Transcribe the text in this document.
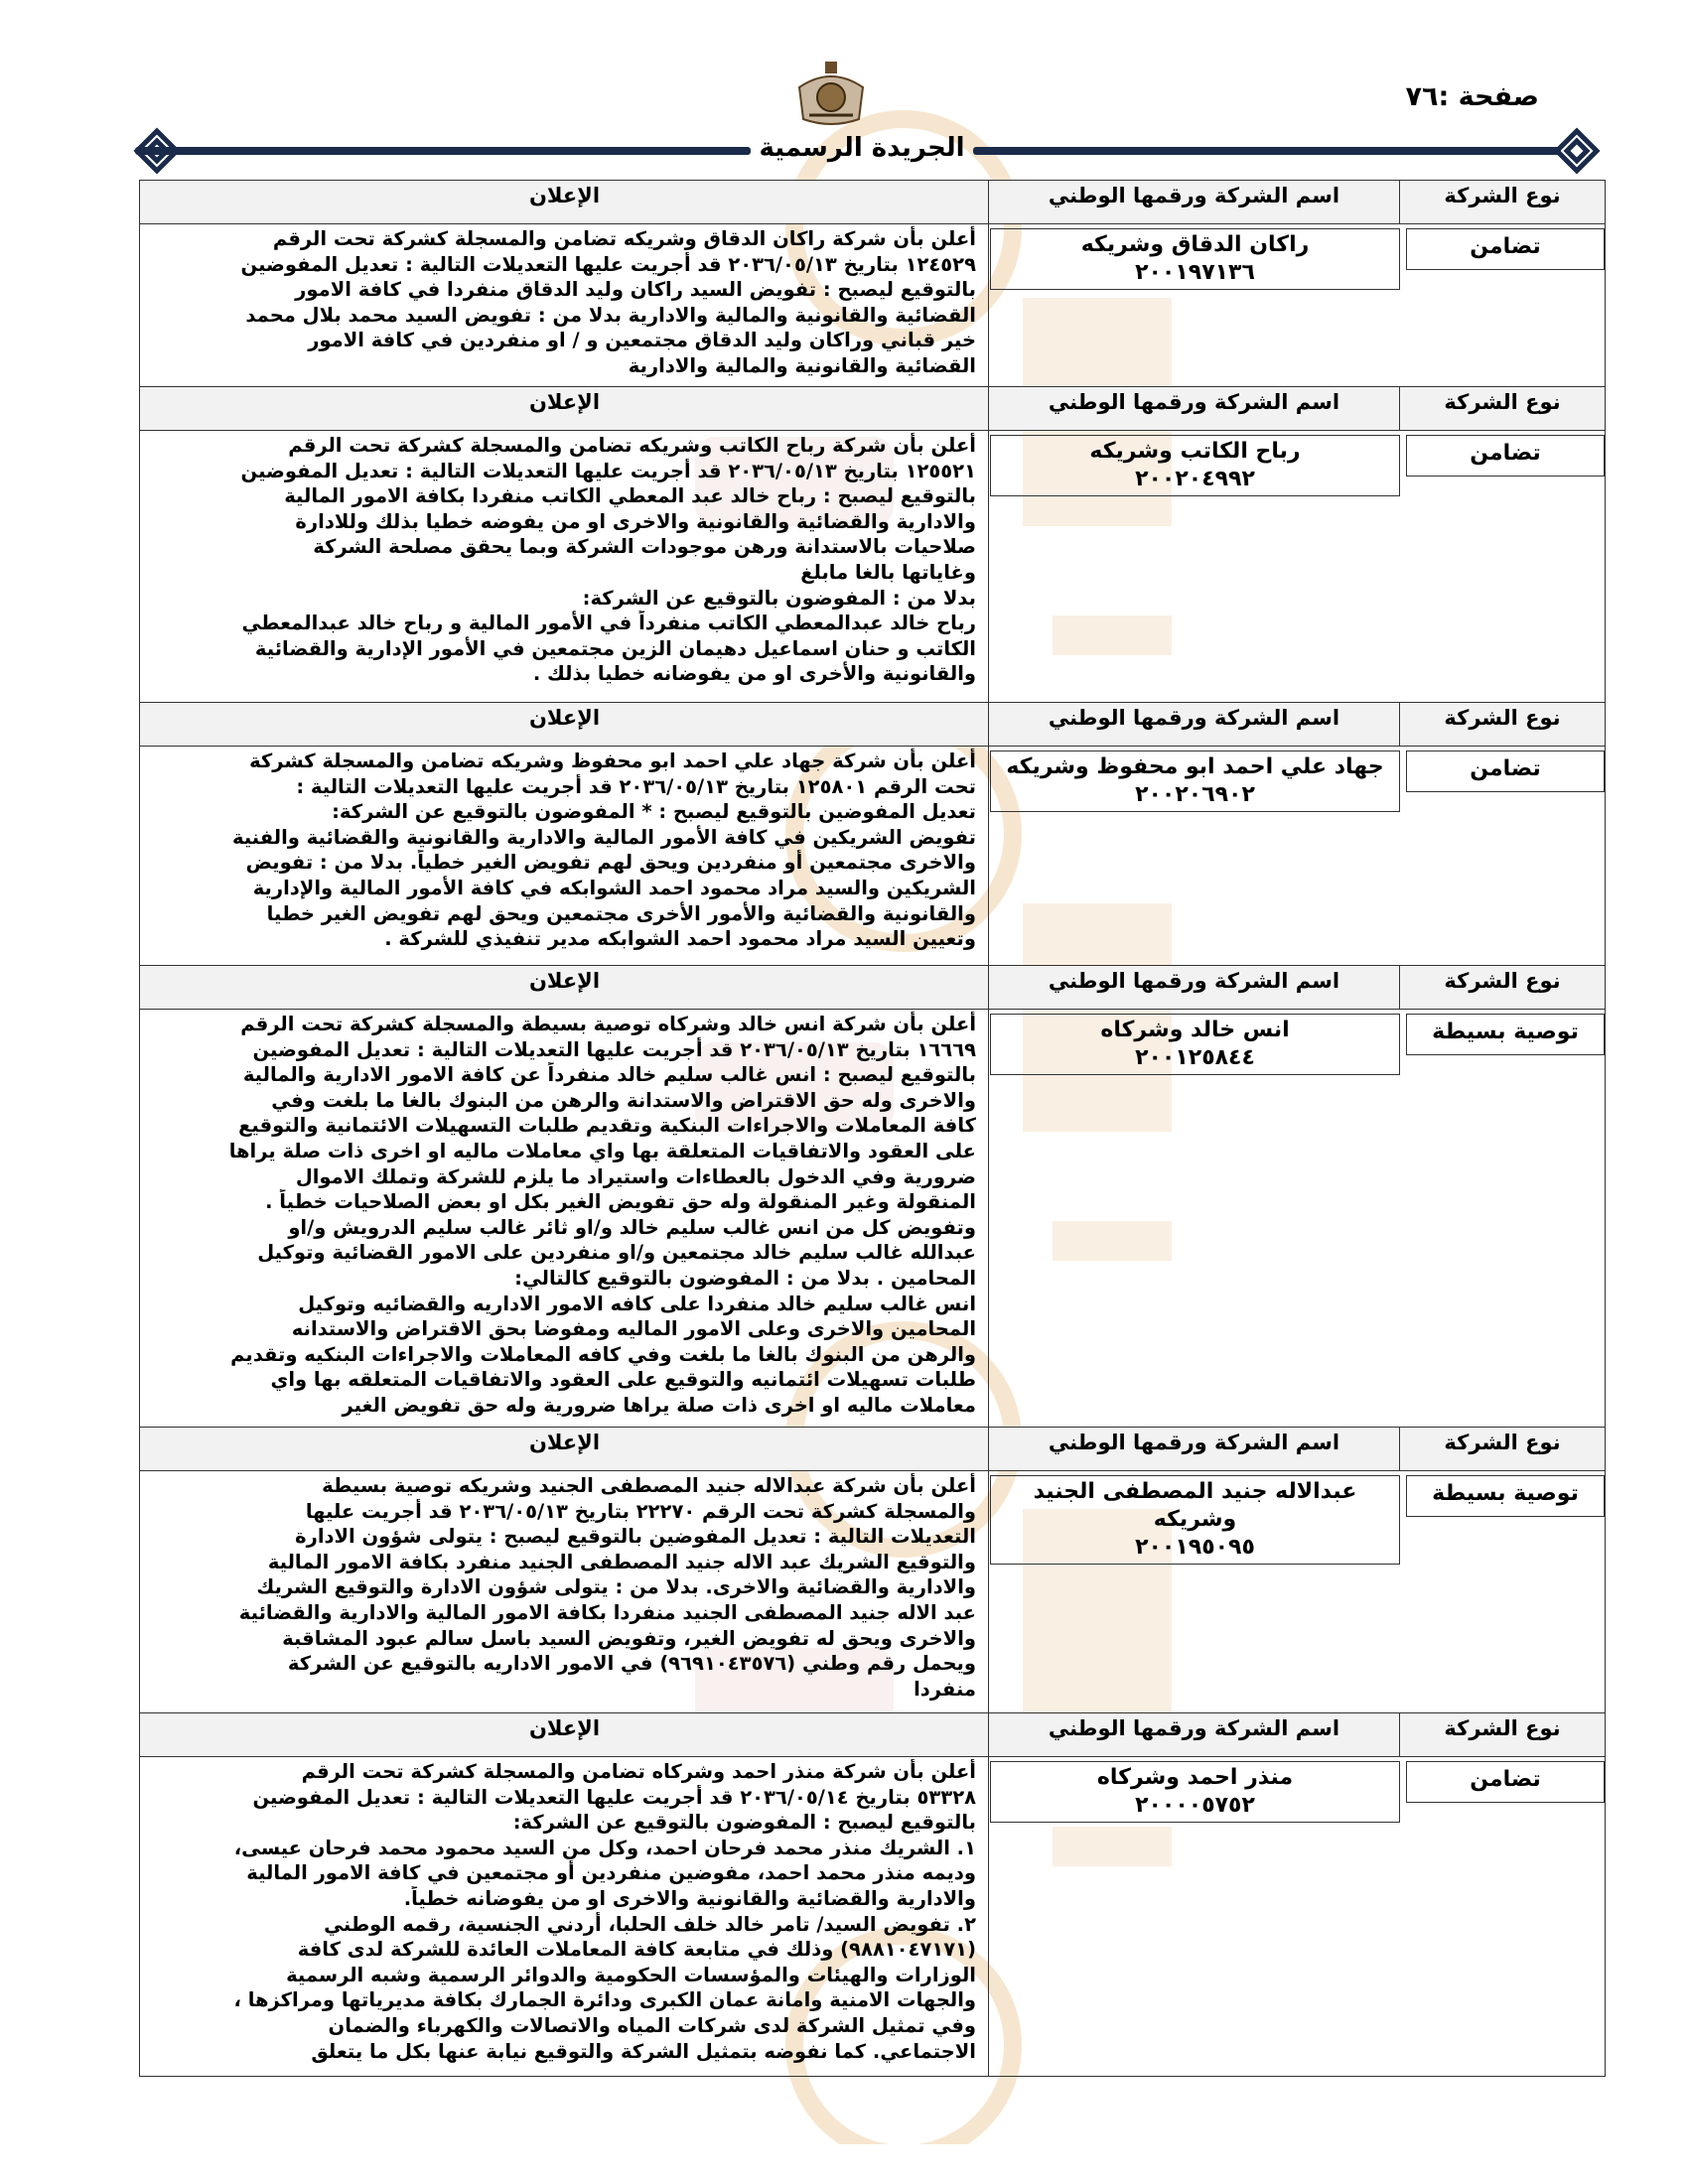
صفحة :٧٦
الجريدة الرسمية
نوع الشركة
اسم الشركة ورقمها الوطني
الإعلان
تضامن
راكان الدقاق وشريكه
٢٠٠١٩٧١٣٦
أعلن بأن شركة راكان الدقاق وشريكه تضامن والمسجلة كشركة تحت الرقم
١٢٤٥٢٩ بتاريخ ٢٠٣٦/٠٥/١٣ قد أجريت عليها التعديلات التالية : تعديل المفوضين
بالتوقيع ليصبح : تفويض السيد راكان وليد الدقاق منفردا في كافة الامور
القضائية والقانونية والمالية والادارية بدلا من : تفويض السيد محمد بلال محمد
خير قباني وراكان وليد الدقاق مجتمعين و / او منفردين في كافة الامور
القضائية والقانونية والمالية والادارية
نوع الشركة
اسم الشركة ورقمها الوطني
الإعلان
تضامن
رباح الكاتب وشريكه
٢٠٠٢٠٤٩٩٢
أعلن بأن شركة رباح الكاتب وشريكه تضامن والمسجلة كشركة تحت الرقم
١٢٥٥٢١ بتاريخ ٢٠٣٦/٠٥/١٣ قد أجريت عليها التعديلات التالية : تعديل المفوضين
بالتوقيع ليصبح : رباح خالد عبد المعطي الكاتب منفردا بكافة الامور المالية
والادارية والقضائية والقانونية والاخرى او من يفوضه خطيا بذلك وللادارة
صلاحيات بالاستدانة ورهن موجودات الشركة وبما يحقق مصلحة الشركة
وغاياتها بالغا مابلغ
بدلا من : المفوضون بالتوقيع عن الشركة:
رباح خالد عبدالمعطي الكاتب منفرداً في الأمور المالية و رباح خالد عبدالمعطي
الكاتب و حنان اسماعيل دهيمان الزين مجتمعين في الأمور الإدارية والقضائية
والقانونية والأخرى او من يفوضانه خطيا بذلك .
نوع الشركة
اسم الشركة ورقمها الوطني
الإعلان
تضامن
جهاد علي احمد ابو محفوظ وشريكه
٢٠٠٢٠٦٩٠٢
أعلن بأن شركة جهاد علي احمد ابو محفوظ وشريكه تضامن والمسجلة كشركة
تحت الرقم ١٢٥٨٠١ بتاريخ ٢٠٣٦/٠٥/١٣ قد أجريت عليها التعديلات التالية :
تعديل المفوضين بالتوقيع ليصبح : * المفوضون بالتوقيع عن الشركة:
تفويض الشريكين في كافة الأمور المالية والادارية والقانونية والقضائية والفنية
والاخرى مجتمعين أو منفردين ويحق لهم تفويض الغير خطياً. بدلا من : تفويض
الشريكين والسيد مراد محمود احمد الشوابكه في كافة الأمور المالية والإدارية
والقانونية والقضائية والأمور الأخرى مجتمعين ويحق لهم تفويض الغير خطيا
وتعيين السيد مراد محمود احمد الشوابكه مدير تنفيذي للشركة .
نوع الشركة
اسم الشركة ورقمها الوطني
الإعلان
توصية بسيطة
انس خالد وشركاه
٢٠٠١٢٥٨٤٤
أعلن بأن شركة انس خالد وشركاه توصية بسيطة والمسجلة كشركة تحت الرقم
١٦٦٦٩ بتاريخ ٢٠٣٦/٠٥/١٣ قد أجريت عليها التعديلات التالية : تعديل المفوضين
بالتوقيع ليصبح : انس غالب سليم خالد منفرداً عن كافة الامور الادارية والمالية
والاخرى وله حق الاقتراض والاستدانة والرهن من البنوك بالغا ما بلغت وفي
كافة المعاملات والاجراءات البنكية وتقديم طلبات التسهيلات الائتمانية والتوقيع
على العقود والاتفاقيات المتعلقة بها واي معاملات ماليه او اخرى ذات صلة يراها
ضرورية وفي الدخول بالعطاءات واستيراد ما يلزم للشركة وتملك الاموال
المنقولة وغير المنقولة وله حق تفويض الغير بكل او بعض الصلاحيات خطياً .
وتفويض كل من انس غالب سليم خالد و/او ثائر غالب سليم الدرويش و/او
عبدالله غالب سليم خالد مجتمعين و/او منفردين على الامور القضائية وتوكيل
المحامين . بدلا من : المفوضون بالتوقيع كالتالي:
انس غالب سليم خالد منفردا على كافه الامور الاداريه والقضائيه وتوكيل
المحامين والاخرى وعلى الامور الماليه ومفوضا بحق الاقتراض والاستدانه
والرهن من البنوك بالغا ما بلغت وفي كافه المعاملات والاجراءات البنكيه وتقديم
طلبات تسهيلات ائتمانيه والتوقيع على العقود والاتفاقيات المتعلقه بها واي
معاملات ماليه او اخرى ذات صلة يراها ضرورية وله حق تفويض الغير
نوع الشركة
اسم الشركة ورقمها الوطني
الإعلان
توصية بسيطة
عبدالاله جنيد المصطفى الجنيد
وشريكه
٢٠٠١٩٥٠٩٥
أعلن بأن شركة عبدالاله جنيد المصطفى الجنيد وشريكه توصية بسيطة
والمسجلة كشركة تحت الرقم ٢٢٢٧٠ بتاريخ ٢٠٣٦/٠٥/١٣ قد أجريت عليها
التعديلات التالية : تعديل المفوضين بالتوقيع ليصبح : يتولى شؤون الادارة
والتوقيع الشريك عبد الاله جنيد المصطفى الجنيد منفرد بكافة الامور المالية
والادارية والقضائية والاخرى. بدلا من : يتولى شؤون الادارة والتوقيع الشريك
عبد الاله جنيد المصطفى الجنيد منفردا بكافة الامور المالية والادارية والقضائية
والاخرى ويحق له تفويض الغير، وتفويض السيد باسل سالم عبود المشاقبة
ويحمل رقم وطني (٩٦٩١٠٤٣٥٧٦) في الامور الاداريه بالتوقيع عن الشركة
منفردا
نوع الشركة
اسم الشركة ورقمها الوطني
الإعلان
تضامن
منذر احمد وشركاه
٢٠٠٠٠٥٧٥٢
أعلن بأن شركة منذر احمد وشركاه تضامن والمسجلة كشركة تحت الرقم
٥٣٣٢٨ بتاريخ ٢٠٣٦/٠٥/١٤ قد أجريت عليها التعديلات التالية : تعديل المفوضين
بالتوقيع ليصبح : المفوضون بالتوقيع عن الشركة:
١. الشريك منذر محمد فرحان احمد، وكل من السيد محمود محمد فرحان عيسى،
وديمه منذر محمد احمد، مفوضين منفردين أو مجتمعين في كافة الامور المالية
والادارية والقضائية والقانونية والاخرى او من يفوضانه خطياً.
٢. تفويض السيد/ تامر خالد خلف الحلبا، أردني الجنسية، رقمه الوطني
(٩٨٨١٠٤٧١٧١) وذلك في متابعة كافة المعاملات العائدة للشركة لدى كافة
الوزارات والهيئات والمؤسسات الحكومية والدوائر الرسمية وشبه الرسمية
والجهات الامنية وامانة عمان الكبرى ودائرة الجمارك بكافة مديرياتها ومراكزها ،
وفي تمثيل الشركة لدى شركات المياه والاتصالات والكهرباء والضمان
الاجتماعي. كما نفوضه بتمثيل الشركة والتوقيع نيابة عنها بكل ما يتعلق
